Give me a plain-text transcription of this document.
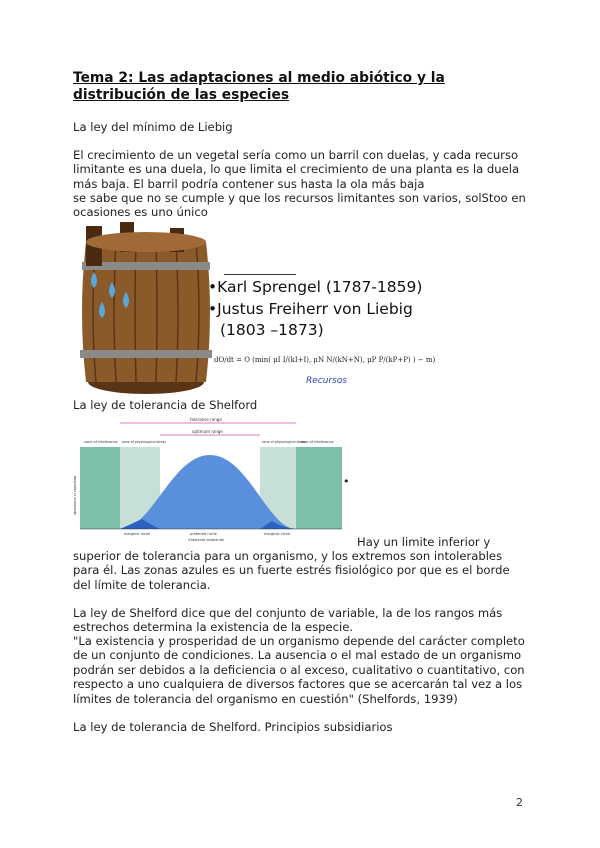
Tema 2: Las adaptaciones al medio abiótico y la distribución de las especies

La ley del mínimo de Liebig

El crecimiento de un vegetal sería como un barril con duelas, y cada recurso limitante es una duela, lo que limita el crecimiento de una planta es la duela más baja. El barril podría contener sus hasta la ola más baja

se sabe que no se cumple y que los recursos limitantes son varios, solStoo en ocasiones es uno único

•Karl Sprengel (1787-1859)
•Justus Freiherr von Liebig
(1803 –1873)
dO/dt = O (min( μI I/(kI+I), μN N/(kN+N), μP P/(kP+P) ) − m)
Recursos

La ley de tolerancia de Shelford

tolerance range
optimum range
zone of intolerance	zone of intolerance
zone of physiological stress	zone of physiological stress
marginal niche	preferred niche	marginal niche
Gradiente ambiental
abundance of organisms	•

Hay un limite inferior y

superior de tolerancia para un organismo, y los extremos son intolerables para él. Las zonas azules es un fuerte estrés fisiológico por que es el borde del límite de tolerancia.

La ley de Shelford dice que del conjunto de variable, la de los rangos más estrechos determina la existencia de la especie.

"La existencia y prosperidad de un organismo depende del carácter completo de un conjunto de condiciones. La ausencia o el mal estado de un organismo podrán ser debidos a la deficiencia o al exceso, cualitativo o cuantitativo, con respecto a uno cualquiera de diversos factores que se acercarán tal vez a los límites de tolerancia del organismo en cuestión" (Shelfords, 1939)

La ley de tolerancia de Shelford. Principios subsidiarios

2
